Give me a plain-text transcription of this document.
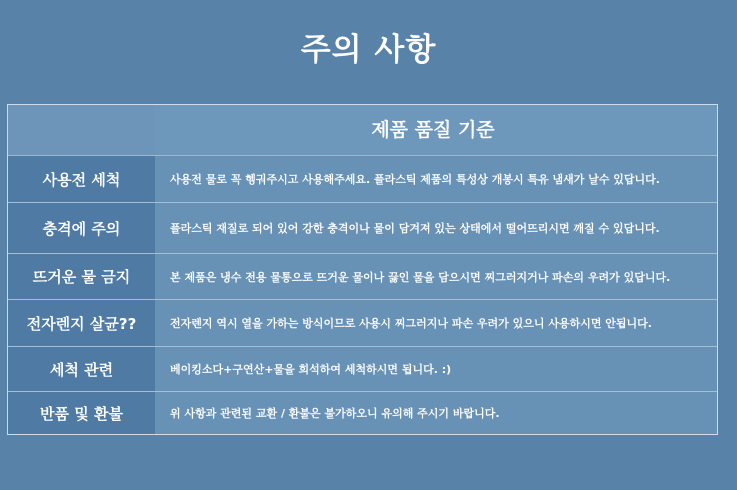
주의 사항
제품 품질 기준
사용전 세척	사용전 물로 꼭 헹궈주시고 사용해주세요. 플라스틱 제품의 특성상 개봉시 특유 냄새가 날수 있답니다.
충격에 주의	플라스틱 재질로 되어 있어 강한 충격이나 물이 담겨져 있는 상태에서 떨어뜨리시면 깨질 수 있답니다.
뜨거운 물 금지	본 제품은 냉수 전용 물통으로 뜨거운 물이나 끓인 물을 담으시면 찌그러지거나 파손의 우려가 있답니다.
전자렌지 살균??	전자렌지 역시 열을 가하는 방식이므로 사용시 찌그러지나 파손 우려가 있으니 사용하시면 안됩니다.
세척 관련	베이킹소다+구연산+물을 희석하여 세척하시면 됩니다. :)
반품 및 환불	위 사항과 관련된 교환 / 환불은 불가하오니 유의해 주시기 바랍니다.
